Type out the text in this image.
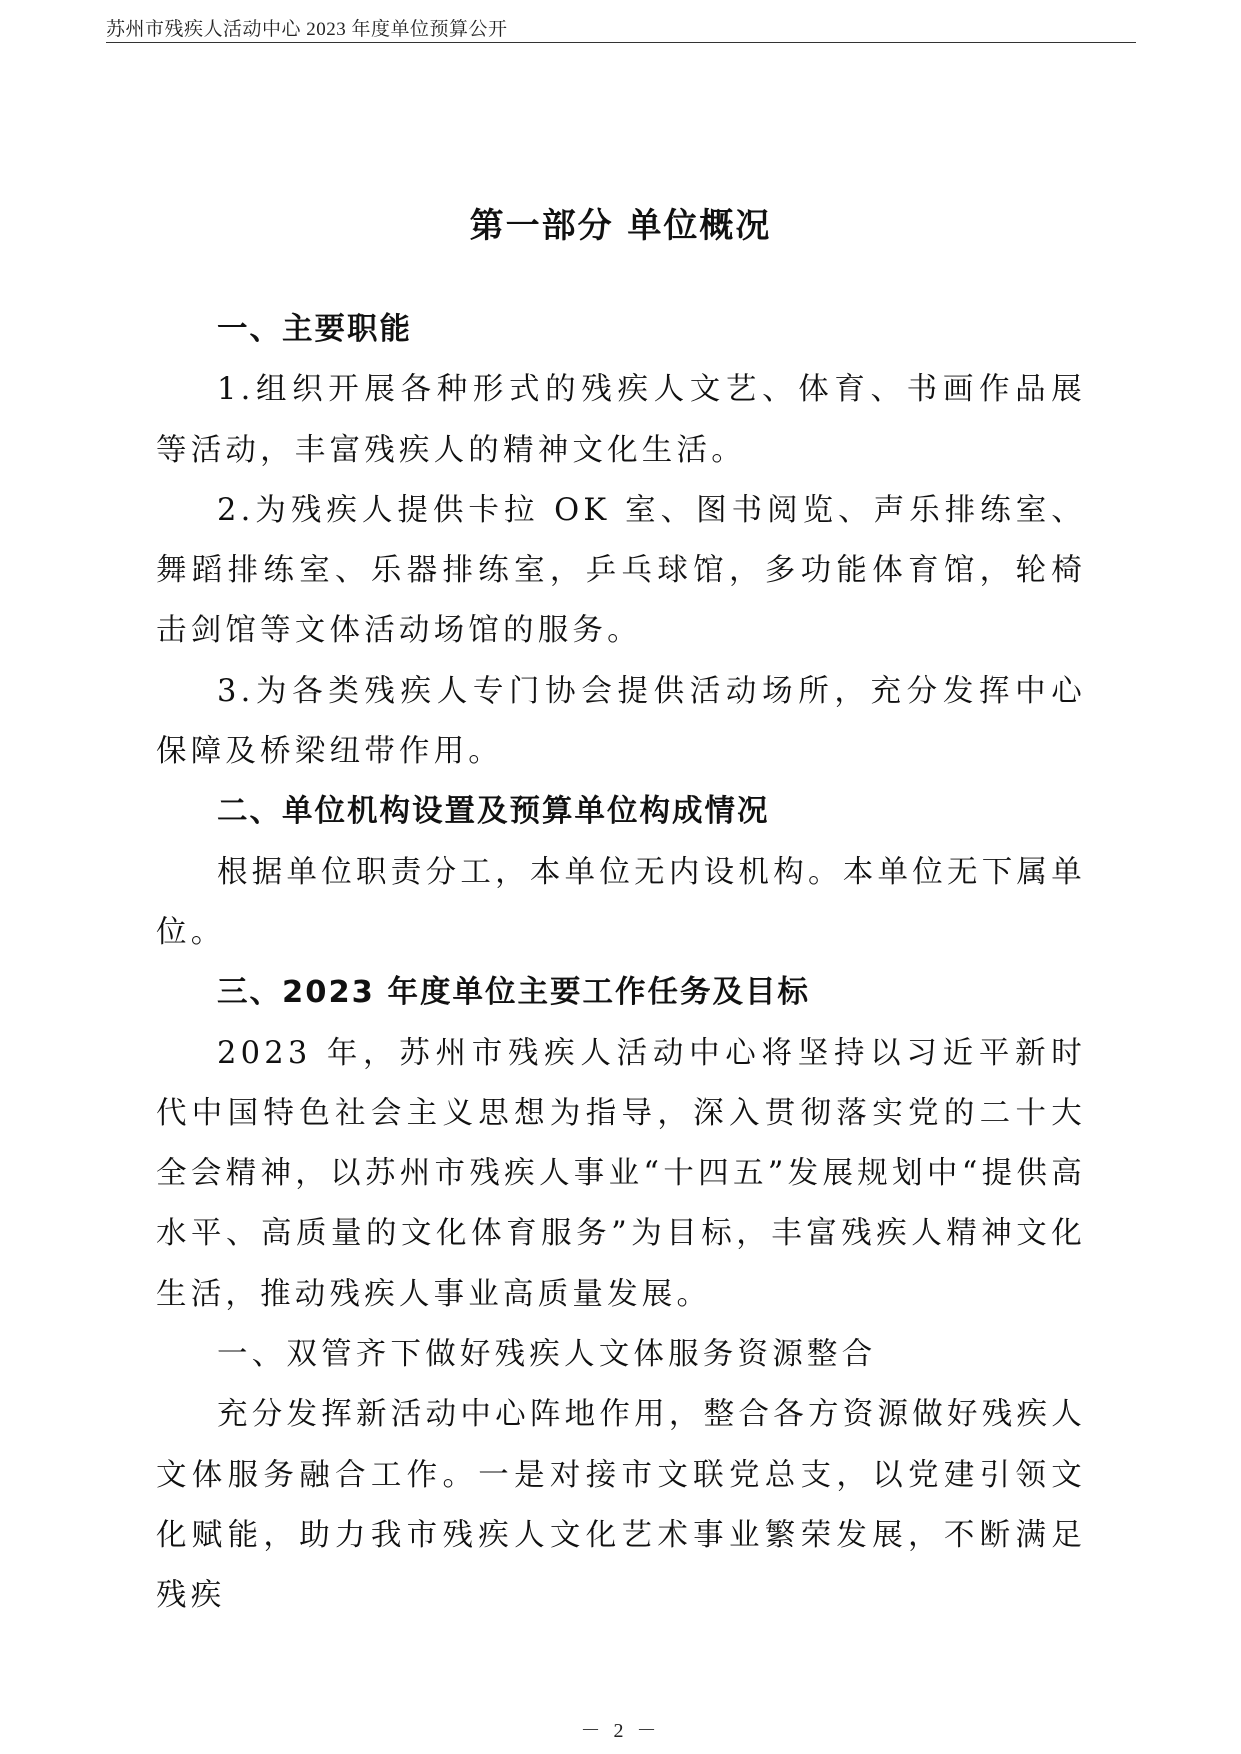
苏州市残疾人活动中心 2023 年度单位预算公开
第一部分 单位概况

一、主要职能

1.组织开展各种形式的残疾人文艺、体育、书画作品展等活动，丰富残疾人的精神文化生活。

2.为残疾人提供卡拉 OK 室、图书阅览、声乐排练室、舞蹈排练室、乐器排练室，乒乓球馆，多功能体育馆，轮椅击剑馆等文体活动场馆的服务。

3.为各类残疾人专门协会提供活动场所，充分发挥中心保障及桥梁纽带作用。

二、单位机构设置及预算单位构成情况

根据单位职责分工，本单位无内设机构。本单位无下属单位。

三、2023 年度单位主要工作任务及目标

2023 年，苏州市残疾人活动中心将坚持以习近平新时代中国特色社会主义思想为指导，深入贯彻落实党的二十大全会精神，以苏州市残疾人事业“十四五”发展规划中“提供高水平、高质量的文化体育服务”为目标，丰富残疾人精神文化生活，推动残疾人事业高质量发展。

一、双管齐下做好残疾人文体服务资源整合

充分发挥新活动中心阵地作用，整合各方资源做好残疾人文体服务融合工作。一是对接市文联党总支，以党建引领文化赋能，助力我市残疾人文化艺术事业繁荣发展，不断满足残疾

－ 2 －
